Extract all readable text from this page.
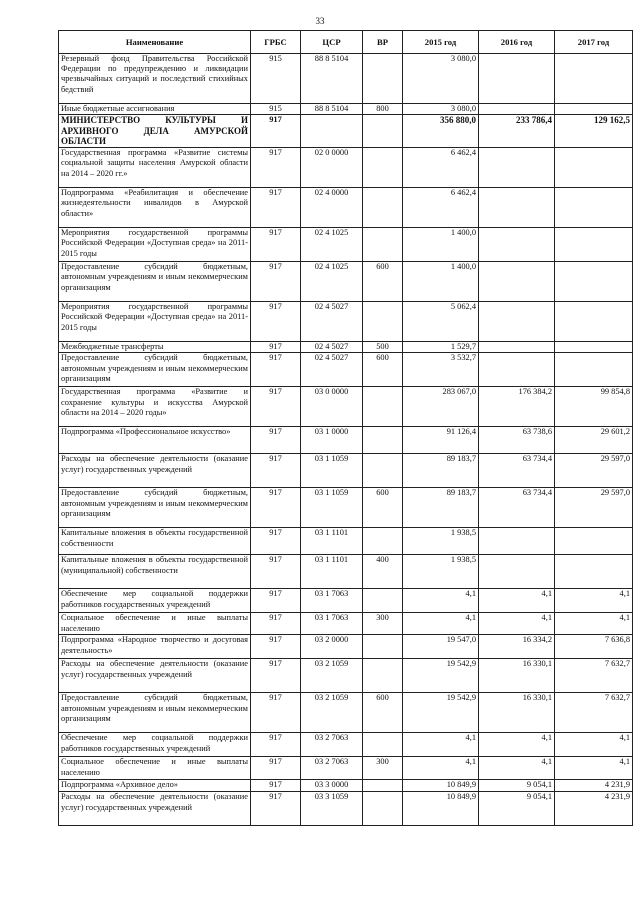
33
Наименование	ГРБС	ЦСР	ВР	2015 год	2016 год	2017 год
Резервный фонд Правительства Российской Федерации по предупреждению и ликвидации чрезвычайных ситуаций и последствий стихийных бедствий	915	88 8 5104		3 080,0		
Иные бюджетные ассигнования	915	88 8 5104	800	3 080,0		
МИНИСТЕРСТВО КУЛЬТУРЫ И АРХИВНОГО ДЕЛА АМУРСКОЙ ОБЛАСТИ	917			356 880,0	233 786,4	129 162,5
Государственная программа «Развитие системы социальной защиты населения Амурской области на 2014 – 2020 гг.»	917	02 0 0000		6 462,4		
Подпрограмма «Реабилитация и обеспечение жизнедеятельности инвалидов в Амурской области»	917	02 4 0000		6 462,4		
Мероприятия государственной программы Российской Федерации «Доступная среда» на 2011-2015 годы	917	02 4 1025		1 400,0		
Предоставление субсидий бюджетным, автономным учреждениям и иным некоммерческим организациям	917	02 4 1025	600	1 400,0		
Мероприятия государственной программы Российской Федерации «Доступная среда» на 2011-2015 годы	917	02 4 5027		5 062,4		
Межбюджетные трансферты	917	02 4 5027	500	1 529,7		
Предоставление субсидий бюджетным, автономным учреждениям и иным некоммерческим организациям	917	02 4 5027	600	3 532,7		
Государственная программа «Развитие и сохранение культуры и искусства Амурской области на 2014 – 2020 годы»	917	03 0 0000		283 067,0	176 384,2	99 854,8
Подпрограмма «Профессиональное искусство»	917	03 1 0000		91 126,4	63 738,6	29 601,2
Расходы на обеспечение деятельности (оказание услуг) государственных учреждений	917	03 1 1059		89 183,7	63 734,4	29 597,0
Предоставление субсидий бюджетным, автономным учреждениям и иным некоммерческим организациям	917	03 1 1059	600	89 183,7	63 734,4	29 597,0
Капитальные вложения в объекты государственной собственности	917	03 1 1101		1 938,5		
Капитальные вложения в объекты государственной (муниципальной) собственности	917	03 1 1101	400	1 938,5		
Обеспечение мер социальной поддержки работников государственных учреждений	917	03 1 7063		4,1	4,1	4,1
Социальное обеспечение и иные выплаты населению	917	03 1 7063	300	4,1	4,1	4,1
Подпрограмма «Народное творчество и досуговая деятельность»	917	03 2 0000		19 547,0	16 334,2	7 636,8
Расходы на обеспечение деятельности (оказание услуг) государственных учреждений	917	03 2 1059		19 542,9	16 330,1	7 632,7
Предоставление субсидий бюджетным, автономным учреждениям и иным некоммерческим организациям	917	03 2 1059	600	19 542,9	16 330,1	7 632,7
Обеспечение мер социальной поддержки работников государственных учреждений	917	03 2 7063		4,1	4,1	4,1
Социальное обеспечение и иные выплаты населению	917	03 2 7063	300	4,1	4,1	4,1
Подпрограмма «Архивное дело»	917	03 3 0000		10 849,9	9 054,1	4 231,9
Расходы на обеспечение деятельности (оказание услуг) государственных учреждений	917	03 3 1059		10 849,9	9 054,1	4 231,9
